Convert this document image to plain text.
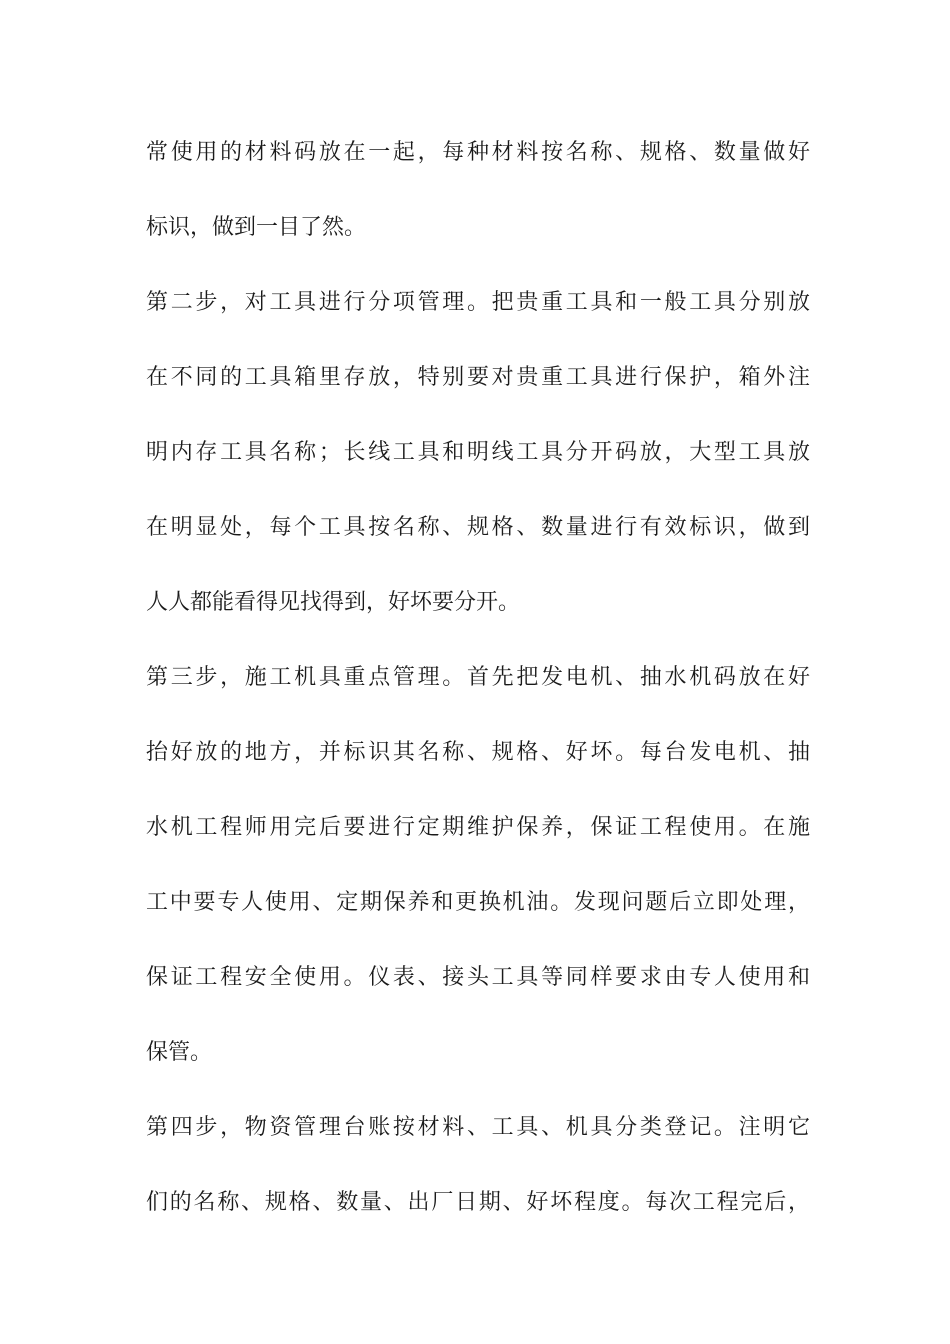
常使用的材料码放在一起，每种材料按名称、规格、数量做好
标识，做到一目了然。
第二步，对工具进行分项管理。把贵重工具和一般工具分别放
在不同的工具箱里存放，特别要对贵重工具进行保护，箱外注
明内存工具名称；长线工具和明线工具分开码放，大型工具放
在明显处，每个工具按名称、规格、数量进行有效标识，做到
人人都能看得见找得到，好坏要分开。
第三步，施工机具重点管理。首先把发电机、抽水机码放在好
抬好放的地方，并标识其名称、规格、好坏。每台发电机、抽
水机工程师用完后要进行定期维护保养，保证工程使用。在施
工中要专人使用、定期保养和更换机油。发现问题后立即处理，
保证工程安全使用。仪表、接头工具等同样要求由专人使用和
保管。
第四步，物资管理台账按材料、工具、机具分类登记。注明它
们的名称、规格、数量、出厂日期、好坏程度。每次工程完后，
